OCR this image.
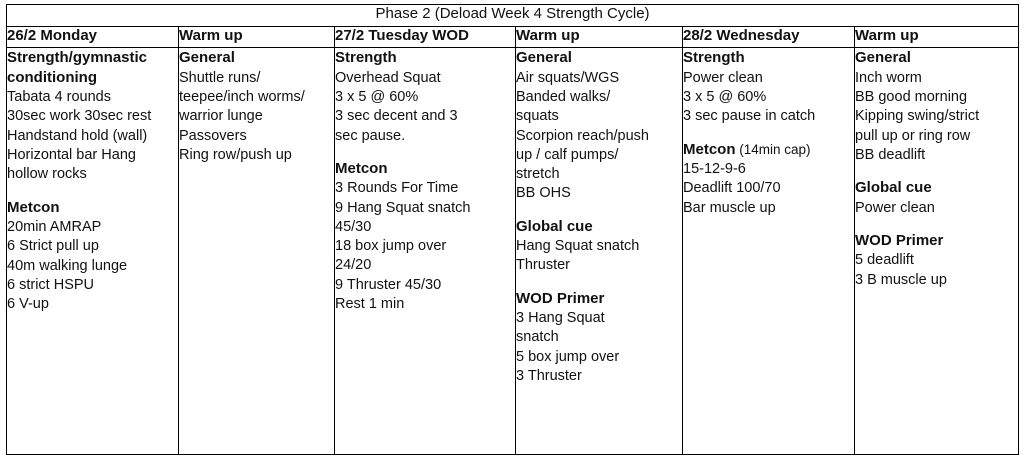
Phase 2 (Deload Week 4 Strength Cycle)					
26/2 Monday	Warm up	27/2 Tuesday WOD	Warm up	28/2 Wednesday	Warm up

Strength/gymnastic conditioning
Tabata 4 rounds
30sec work 30sec rest
Handstand hold (wall)
Horizontal bar Hang
hollow rocks
Metcon
20min AMRAP
6 Strict pull up
40m walking lunge
6 strict HSPU
6 V-up

General
Shuttle runs/
teepee/inch worms/
warrior lunge
Passovers
Ring row/push up

Strength
Overhead Squat
3 x 5 @ 60%
3 sec decent and 3
sec pause.
Metcon
3 Rounds For Time
9 Hang Squat snatch
45/30
18 box jump over
24/20
9 Thruster 45/30
Rest 1 min

General
Air squats/WGS
Banded walks/
squats
Scorpion reach/push
up / calf pumps/
stretch
BB OHS
Global cue
Hang Squat snatch
Thruster
WOD Primer
3 Hang Squat
snatch
5 box jump over
3 Thruster

Strength
Power clean
3 x 5 @ 60%
3 sec pause in catch
Metcon (14min cap)
15-12-9-6
Deadlift 100/70
Bar muscle up

General
Inch worm
BB good morning
Kipping swing/strict
pull up or ring row
BB deadlift
Global cue
Power clean
WOD Primer
5 deadlift
3 B muscle up
